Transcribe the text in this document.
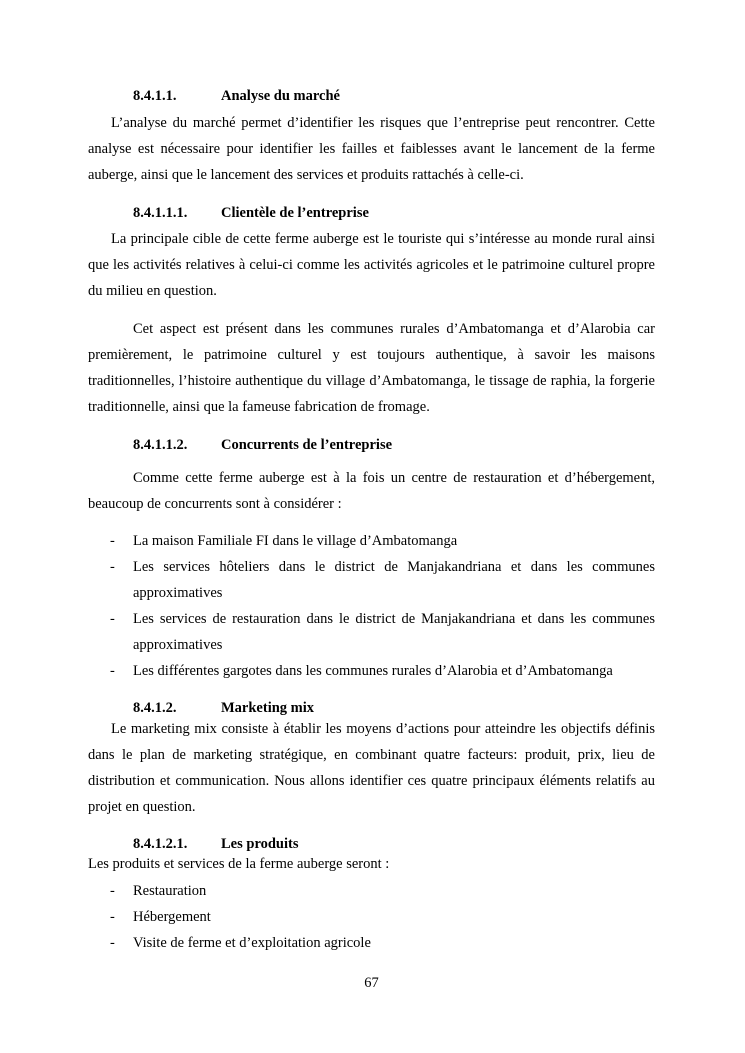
8.4.1.1.	Analyse du marché
L’analyse du marché permet d’identifier les risques que l’entreprise peut rencontrer. Cette analyse est nécessaire pour identifier les failles et faiblesses avant le lancement de la ferme auberge, ainsi que le lancement des services et produits rattachés à celle-ci.
8.4.1.1.1. Clientèle de l’entreprise
La principale cible de cette ferme auberge est le touriste qui s’intéresse au monde rural ainsi que les activités relatives à celui-ci comme les activités agricoles et le patrimoine culturel propre du milieu en question.
Cet aspect est présent dans les communes rurales d’Ambatomanga et d’Alarobia car premièrement, le patrimoine culturel y est toujours authentique, à savoir les maisons traditionnelles, l’histoire authentique du village d’Ambatomanga, le tissage de raphia, la forgerie traditionnelle, ainsi que la fameuse fabrication de fromage.
8.4.1.1.2. Concurrents de l’entreprise
Comme cette ferme auberge est à la fois un centre de restauration et d’hébergement, beaucoup de concurrents sont à considérer :
- La maison Familiale FI dans le village d’Ambatomanga
- Les services hôteliers dans le district de Manjakandriana et dans les communes approximatives
- Les services de restauration dans le district de Manjakandriana et dans les communes approximatives
- Les différentes gargotes dans les communes rurales d’Alarobia et d’Ambatomanga
8.4.1.2.	Marketing mix
Le marketing mix consiste à établir les moyens d’actions pour atteindre les objectifs définis dans le plan de marketing stratégique, en combinant quatre facteurs: produit, prix, lieu de distribution et communication. Nous allons identifier ces quatre principaux éléments relatifs au projet en question.
8.4.1.2.1. Les produits
Les produits et services de la ferme auberge seront :
- Restauration
- Hébergement
- Visite de ferme et d’exploitation agricole
67
